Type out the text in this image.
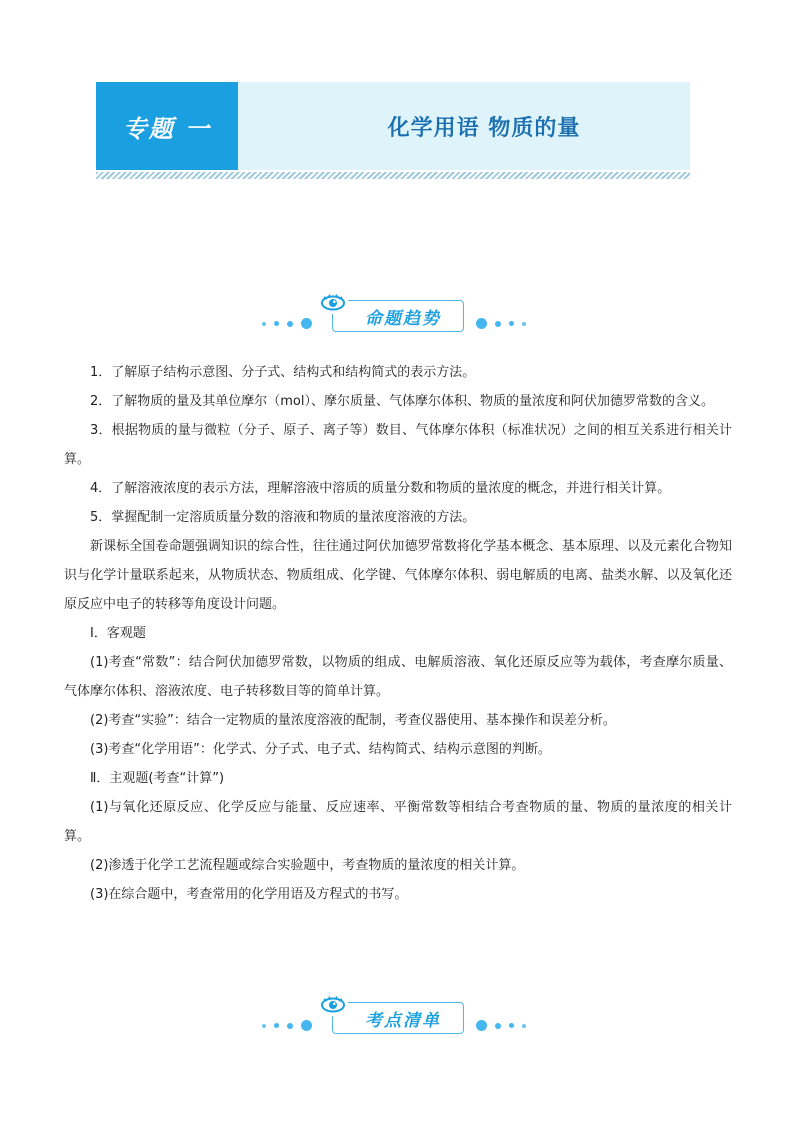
专题 一	化学用语 物质的量
命题趋势

1．了解原子结构示意图、分子式、结构式和结构简式的表示方法。

2．了解物质的量及其单位摩尔（mol）、摩尔质量、气体摩尔体积、物质的量浓度和阿伏加德罗常数的含义。

3．根据物质的量与微粒（分子、原子、离子等）数目、气体摩尔体积（标准状况）之间的相互关系进行相关计算。

4．了解溶液浓度的表示方法，理解溶液中溶质的质量分数和物质的量浓度的概念，并进行相关计算。

5．掌握配制一定溶质质量分数的溶液和物质的量浓度溶液的方法。

新课标全国卷命题强调知识的综合性，往往通过阿伏加德罗常数将化学基本概念、基本原理、以及元素化合物知识与化学计量联系起来，从物质状态、物质组成、化学键、气体摩尔体积、弱电解质的电离、盐类水解、以及氧化还原反应中电子的转移等角度设计问题。

Ⅰ．客观题

(1)考查“常数”：结合阿伏加德罗常数，以物质的组成、电解质溶液、氧化还原反应等为载体，考查摩尔质量、气体摩尔体积、溶液浓度、电子转移数目等的简单计算。

(2)考查“实验”：结合一定物质的量浓度溶液的配制，考查仪器使用、基本操作和误差分析。

(3)考查“化学用语”：化学式、分子式、电子式、结构简式、结构示意图的判断。

Ⅱ．主观题(考查“计算”)

(1)与氧化还原反应、化学反应与能量、反应速率、平衡常数等相结合考查物质的量、物质的量浓度的相关计算。

(2)渗透于化学工艺流程题或综合实验题中，考查物质的量浓度的相关计算。

(3)在综合题中，考查常用的化学用语及方程式的书写。

考点清单
